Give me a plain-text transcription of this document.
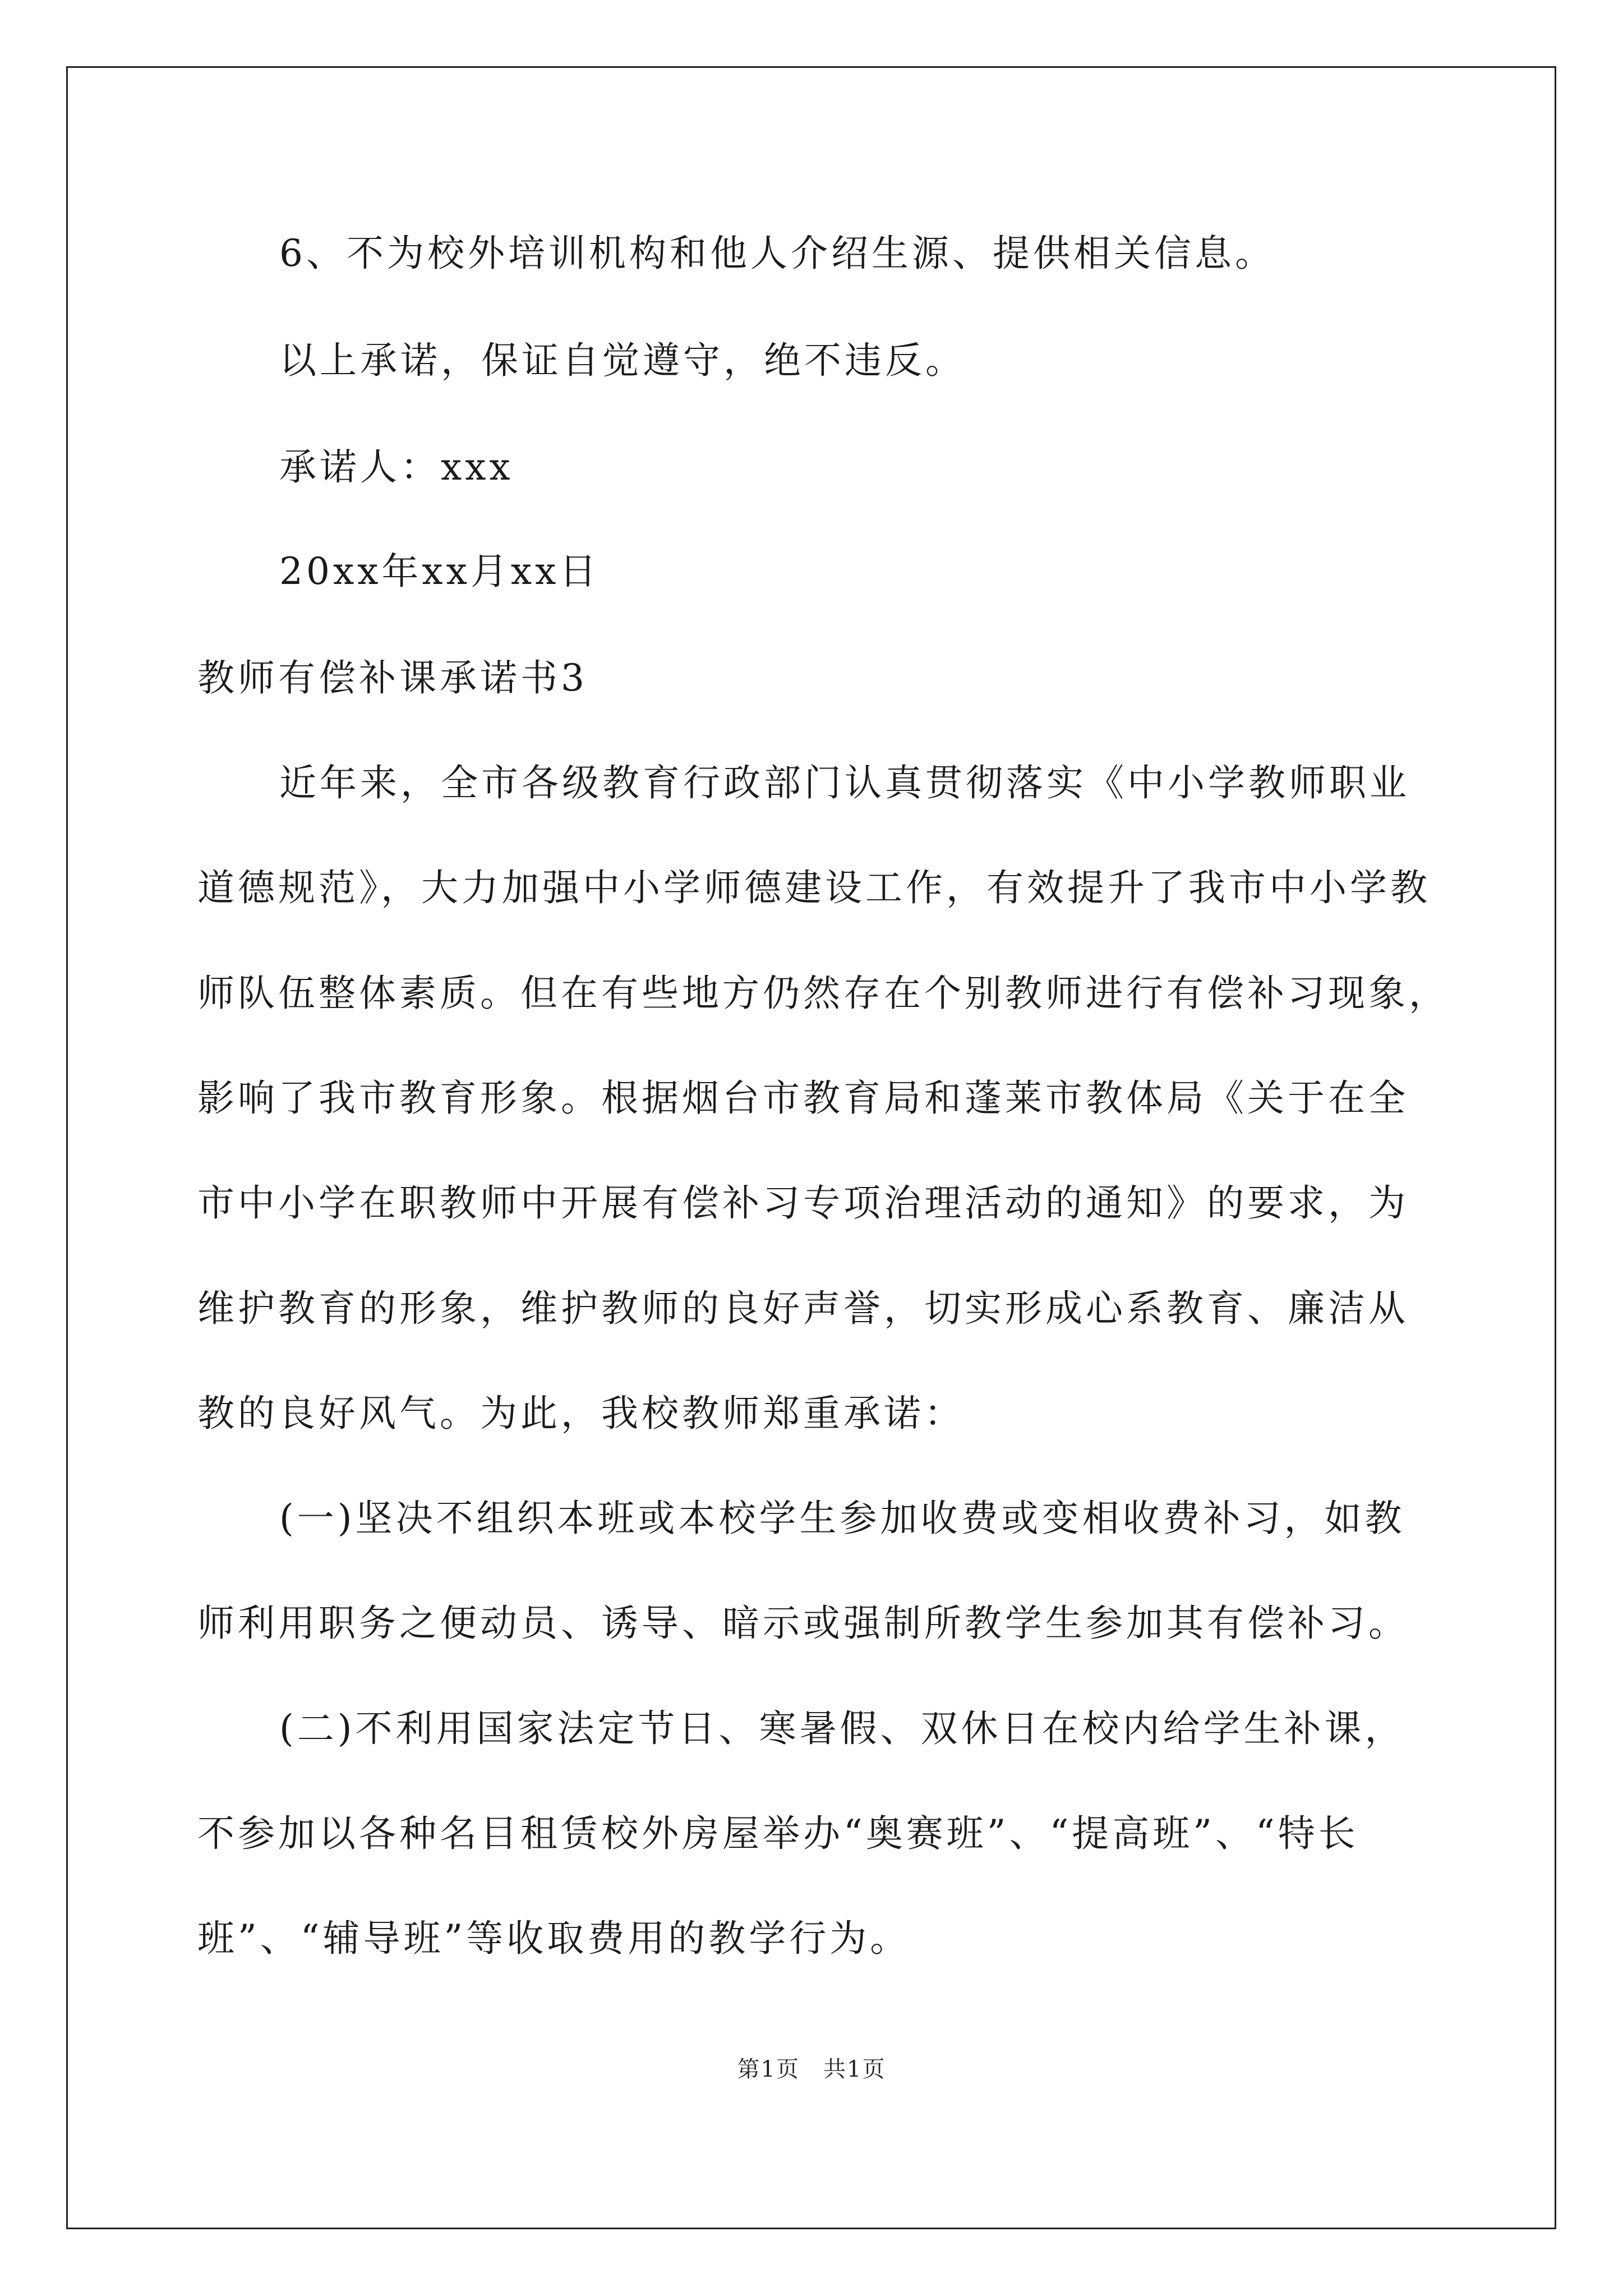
6、不为校外培训机构和他人介绍生源、提供相关信息。
以上承诺，保证自觉遵守，绝不违反。
承诺人：xxx
20xx年xx月xx日
教师有偿补课承诺书3
近年来，全市各级教育行政部门认真贯彻落实《中小学教师职业
道德规范》，大力加强中小学师德建设工作，有效提升了我市中小学教
师队伍整体素质。但在有些地方仍然存在个别教师进行有偿补习现象，
影响了我市教育形象。根据烟台市教育局和蓬莱市教体局《关于在全
市中小学在职教师中开展有偿补习专项治理活动的通知》的要求，为
维护教育的形象，维护教师的良好声誉，切实形成心系教育、廉洁从
教的良好风气。为此，我校教师郑重承诺：
(一)坚决不组织本班或本校学生参加收费或变相收费补习，如教
师利用职务之便动员、诱导、暗示或强制所教学生参加其有偿补习。
(二)不利用国家法定节日、寒暑假、双休日在校内给学生补课，
不参加以各种名目租赁校外房屋举办“奥赛班”、“提高班”、“特长
班”、“辅导班”等收取费用的教学行为。
第1页　共1页
